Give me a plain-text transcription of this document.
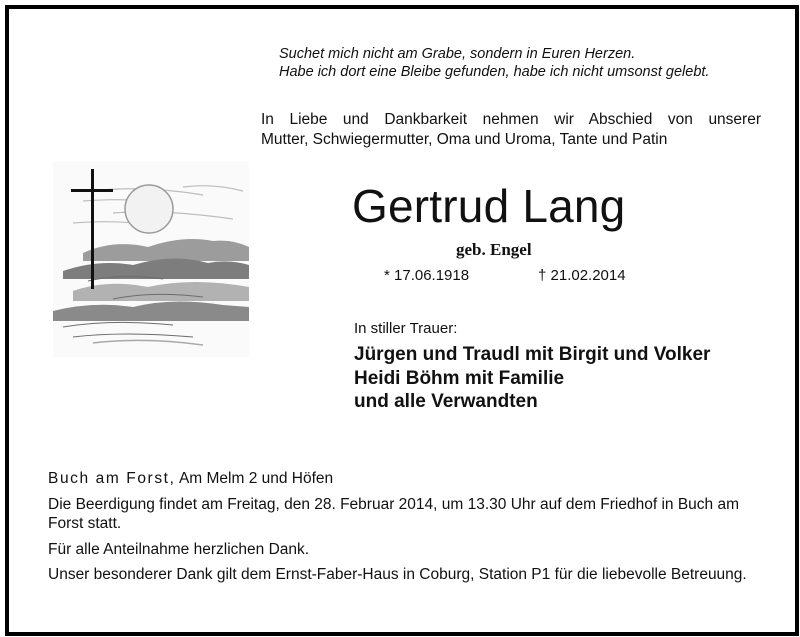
Suchet mich nicht am Grabe, sondern in Euren Herzen.
Habe ich dort eine Bleibe gefunden, habe ich nicht umsonst gelebt.
In Liebe und Dankbarkeit nehmen wir Abschied von unserer
Mutter, Schwiegermutter, Oma und Uroma, Tante und Patin
Gertrud Lang
geb. Engel
* 17.06.1918	† 21.02.2014
In stiller Trauer:
Jürgen und Traudl mit Birgit und Volker
Heidi Böhm mit Familie
und alle Verwandten

Buch am Forst, Am Melm 2 und Höfen

Die Beerdigung findet am Freitag, den 28. Februar 2014, um 13.30 Uhr auf dem Friedhof in Buch am Forst statt.

Für alle Anteilnahme herzlichen Dank.

Unser besonderer Dank gilt dem Ernst-Faber-Haus in Coburg, Station P1 für die liebevolle Betreuung.
